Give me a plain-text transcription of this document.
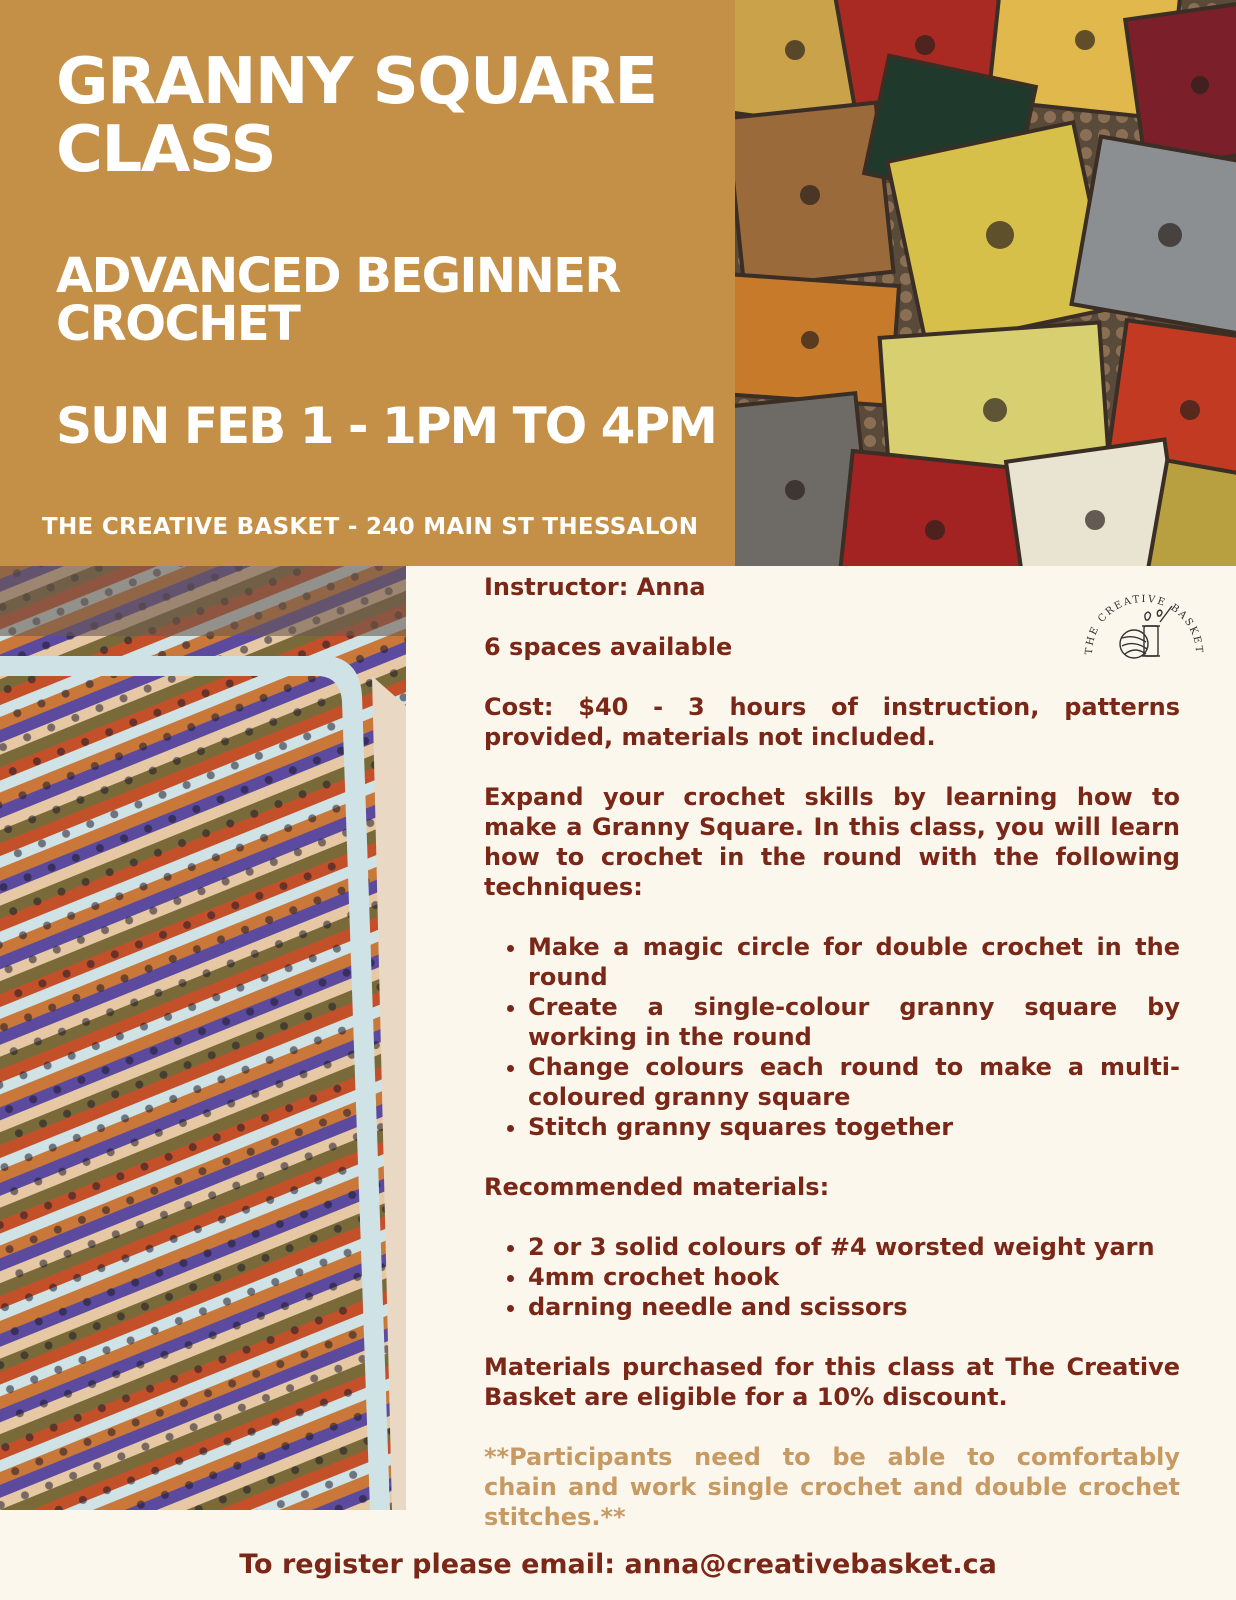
GRANNY SQUARE CLASS
ADVANCED BEGINNER CROCHET
SUN FEB 1 - 1PM TO 4PM
THE CREATIVE BASKET - 240 MAIN ST THESSALON

Instructor: Anna

6 spaces available

Cost: $40 - 3 hours of instruction, patterns provided, materials not included.

Expand your crochet skills by learning how to make a Granny Square. In this class, you will learn how to crochet in the round with the following techniques:

• Make a magic circle for double crochet in the round
• Create a single-colour granny square by working in the round
• Change colours each round to make a multi-coloured granny square
• Stitch granny squares together

Recommended materials:

• 2 or 3 solid colours of #4 worsted weight yarn
• 4mm crochet hook
• darning needle and scissors

Materials purchased for this class at The Creative Basket are eligible for a 10% discount.

**Participants need to be able to comfortably chain and work single crochet and double crochet stitches.**

THE CREATIVE BASKET
To register please email: anna@creativebasket.ca
